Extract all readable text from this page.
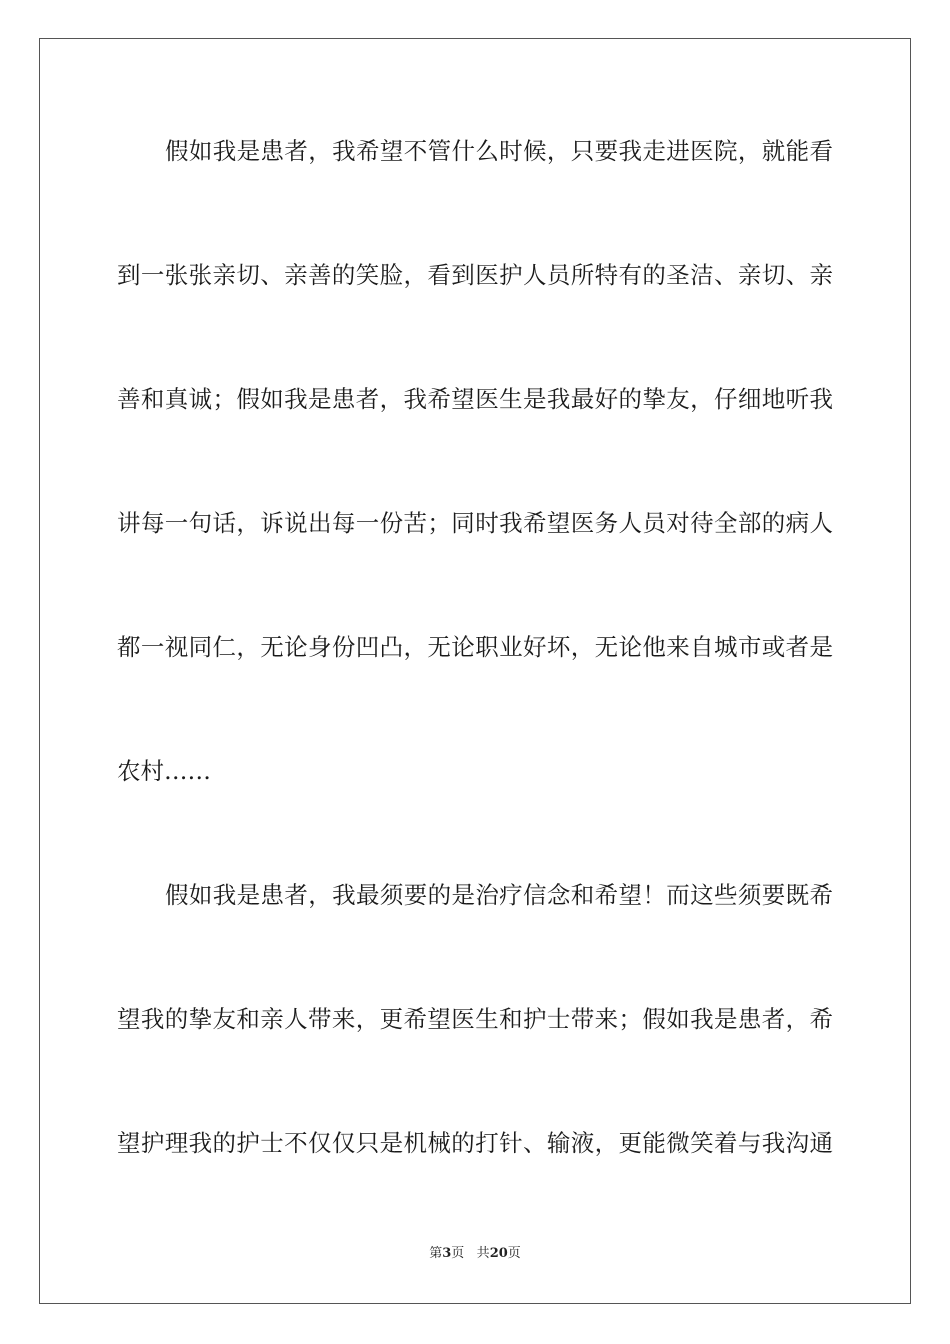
假如我是患者，我希望不管什么时候，只要我走进医院，就能看
到一张张亲切、亲善的笑脸，看到医护人员所特有的圣洁、亲切、亲
善和真诚；假如我是患者，我希望医生是我最好的挚友，仔细地听我
讲每一句话，诉说出每一份苦；同时我希望医务人员对待全部的病人
都一视同仁，无论身份凹凸，无论职业好坏，无论他来自城市或者是
农村……
假如我是患者，我最须要的是治疗信念和希望！而这些须要既希
望我的挚友和亲人带来，更希望医生和护士带来；假如我是患者，希
望护理我的护士不仅仅只是机械的打针、输液，更能微笑着与我沟通
第3页 共20页
